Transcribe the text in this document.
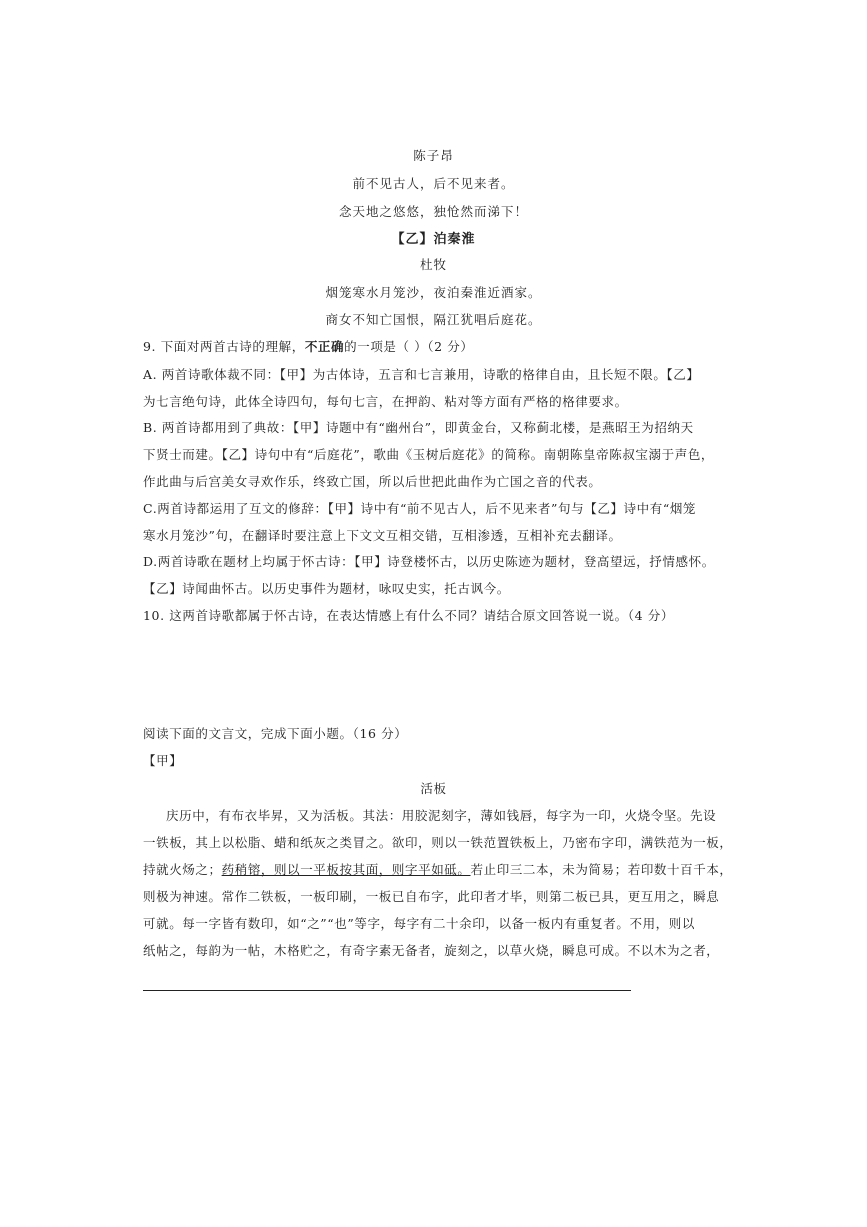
陈子昂
前不见古人，后不见来者。
念天地之悠悠，独怆然而涕下！
【乙】泊秦淮
杜牧
烟笼寒水月笼沙，夜泊秦淮近酒家。
商女不知亡国恨，隔江犹唱后庭花。
9. 下面对两首古诗的理解，不正确的一项是（ ）（2 分）
A. 两首诗歌体裁不同：【甲】为古体诗，五言和七言兼用，诗歌的格律自由，且长短不限。【乙】
为七言绝句诗，此体全诗四句，每句七言，在押韵、粘对等方面有严格的格律要求。
B. 两首诗都用到了典故：【甲】诗题中有“幽州台”，即黄金台，又称蓟北楼，是燕昭王为招纳天
下贤士而建。【乙】诗句中有“后庭花”，歌曲《玉树后庭花》的简称。南朝陈皇帝陈叔宝溺于声色，
作此曲与后宫美女寻欢作乐，终致亡国，所以后世把此曲作为亡国之音的代表。
C.两首诗都运用了互文的修辞：【甲】诗中有“前不见古人，后不见来者”句与【乙】诗中有“烟笼
寒水月笼沙”句，在翻译时要注意上下文文互相交错，互相渗透，互相补充去翻译。
D.两首诗歌在题材上均属于怀古诗：【甲】诗登楼怀古，以历史陈迹为题材，登高望远，抒情感怀。
【乙】诗闻曲怀古。以历史事件为题材，咏叹史实，托古讽今。
10. 这两首诗歌都属于怀古诗，在表达情感上有什么不同？请结合原文回答说一说。（4 分）
阅读下面的文言文，完成下面小题。（16 分）
【甲】
活板
庆历中，有布衣毕昇，又为活板。其法：用胶泥刻字，薄如钱唇，每字为一印，火烧令坚。先设
一铁板，其上以松脂、蜡和纸灰之类冒之。欲印，则以一铁范置铁板上，乃密布字印，满铁范为一板，
持就火炀之；药稍镕，则以一平板按其面，则字平如砥。若止印三二本，未为简易；若印数十百千本，
则极为神速。常作二铁板，一板印刷，一板已自布字，此印者才毕，则第二板已具，更互用之，瞬息
可就。每一字皆有数印，如“之”“也”等字，每字有二十余印，以备一板内有重复者。不用，则以
纸帖之，每韵为一帖，木格贮之，有奇字素无备者，旋刻之，以草火烧，瞬息可成。不以木为之者，
